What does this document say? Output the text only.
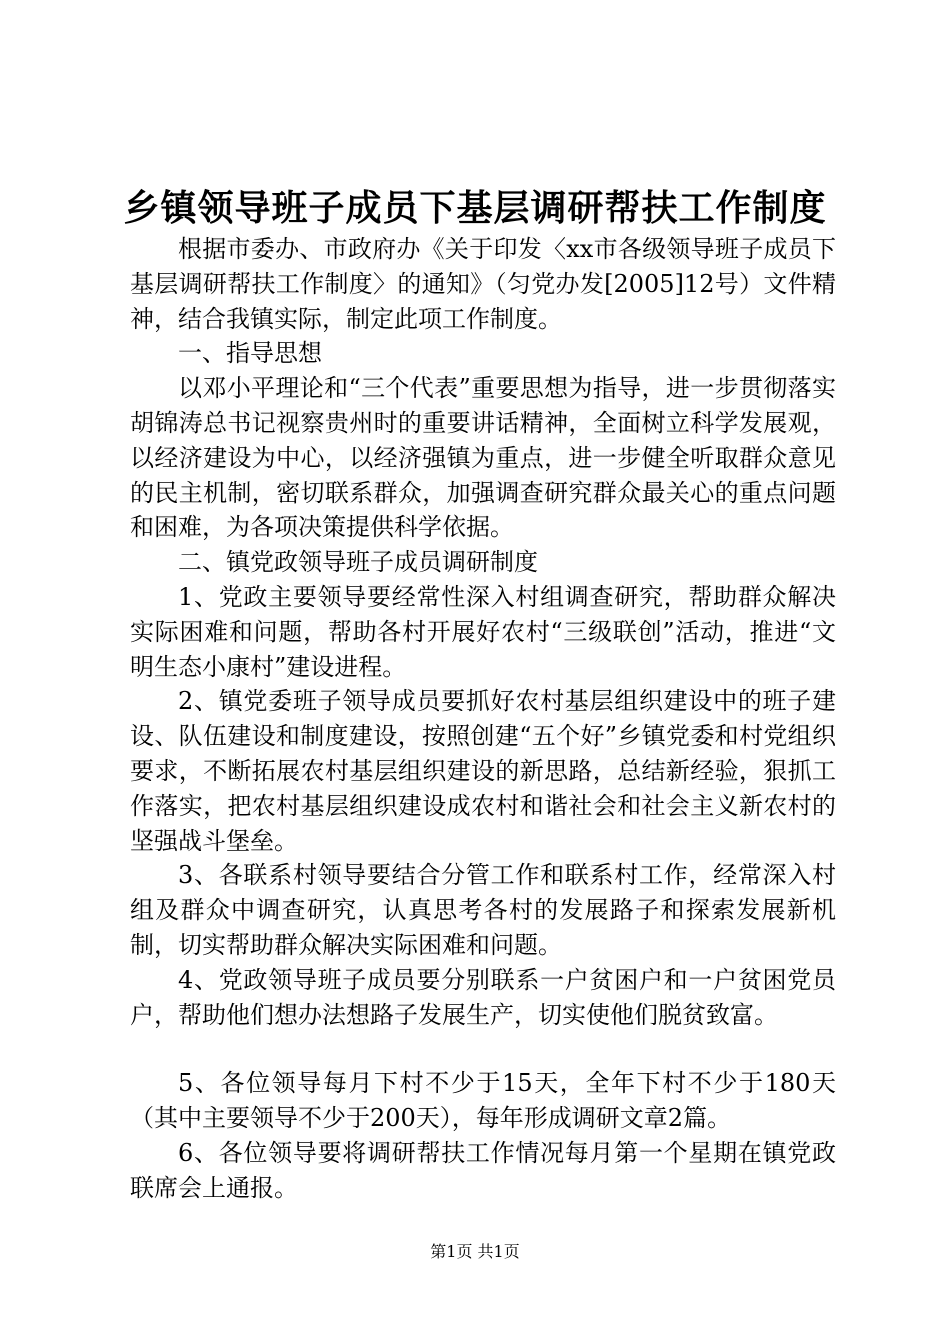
乡镇领导班子成员下基层调研帮扶工作制度

根据市委办、市政府办《关于印发〈xx市各级领导班子成员下基层调研帮扶工作制度〉的通知》（匀党办发[2005]12号）文件精神，结合我镇实际，制定此项工作制度。

一、指导思想

以邓小平理论和“三个代表”重要思想为指导，进一步贯彻落实胡锦涛总书记视察贵州时的重要讲话精神，全面树立科学发展观，以经济建设为中心，以经济强镇为重点，进一步健全听取群众意见的民主机制，密切联系群众，加强调查研究群众最关心的重点问题和困难，为各项决策提供科学依据。

二、镇党政领导班子成员调研制度

1、党政主要领导要经常性深入村组调查研究，帮助群众解决实际困难和问题，帮助各村开展好农村“三级联创”活动，推进“文明生态小康村”建设进程。

2、镇党委班子领导成员要抓好农村基层组织建设中的班子建设、队伍建设和制度建设，按照创建“五个好”乡镇党委和村党组织要求，不断拓展农村基层组织建设的新思路，总结新经验，狠抓工作落实，把农村基层组织建设成农村和谐社会和社会主义新农村的坚强战斗堡垒。

3、各联系村领导要结合分管工作和联系村工作，经常深入村组及群众中调查研究，认真思考各村的发展路子和探索发展新机制，切实帮助群众解决实际困难和问题。

4、党政领导班子成员要分别联系一户贫困户和一户贫困党员户，帮助他们想办法想路子发展生产，切实使他们脱贫致富。

5、各位领导每月下村不少于15天，全年下村不少于180天（其中主要领导不少于200天），每年形成调研文章2篇。

6、各位领导要将调研帮扶工作情况每月第一个星期在镇党政联席会上通报。

第1页 共1页
